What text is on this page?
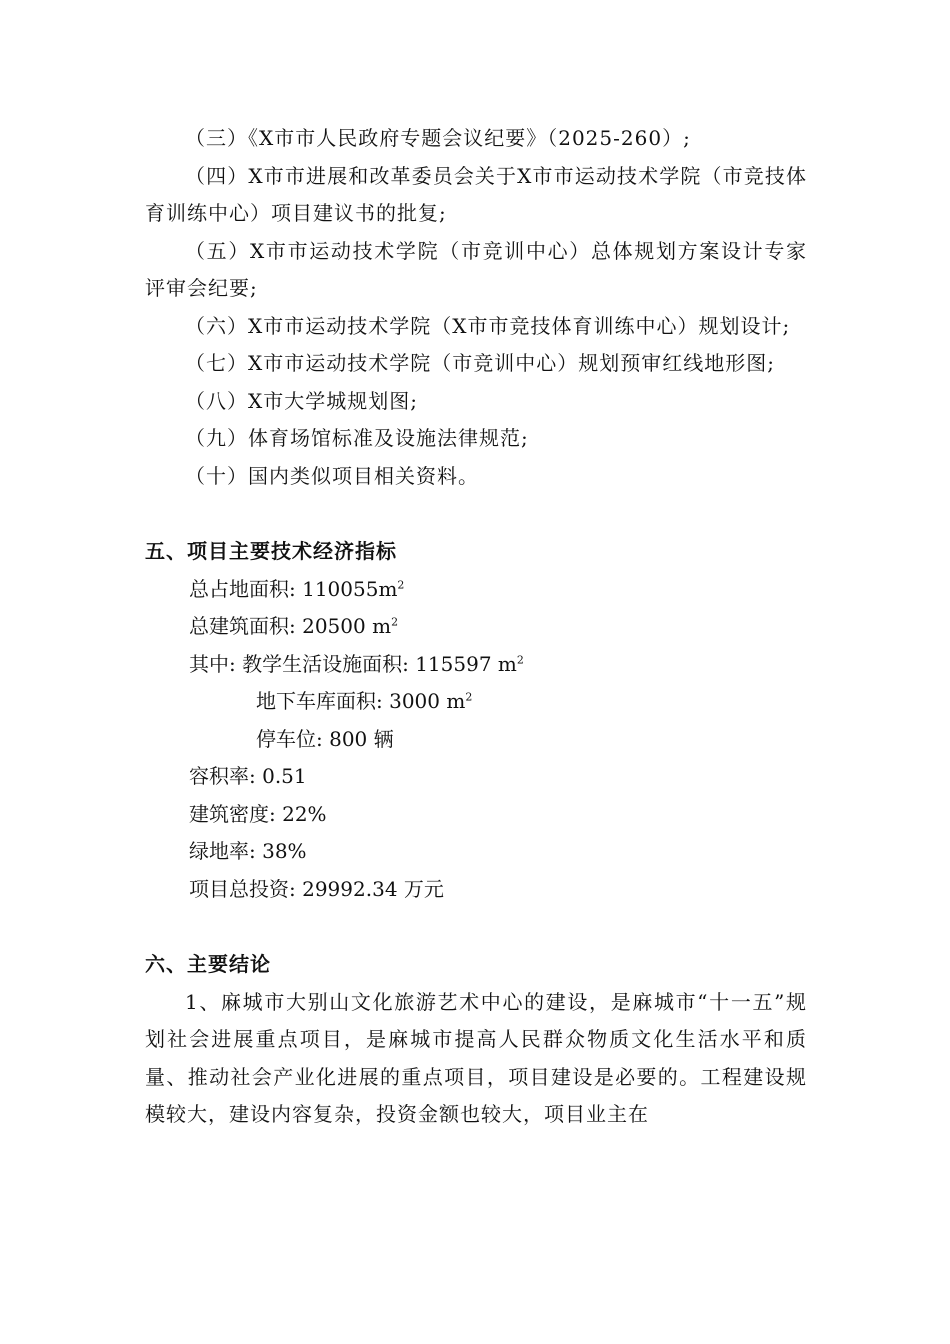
（三）《X市市人民政府专题会议纪要》（2025-260）;

（四）X市市进展和改革委员会关于X市市运动技术学院（市竞技体育训练中心）项目建议书的批复;

（五）X市市运动技术学院（市竞训中心）总体规划方案设计专家评审会纪要;

（六）X市市运动技术学院（X市市竞技体育训练中心）规划设计;

（七）X市市运动技术学院（市竞训中心）规划预审红线地形图;

（八）X市大学城规划图;

（九）体育场馆标准及设施法律规范;

（十）国内类似项目相关资料。

五、项目主要技术经济指标

总占地面积: $110055m^2$

总建筑面积: 20500 $m^2$

其中: 教学生活设施面积: 115597 $m^2$

地下车库面积: 3000 $m^2$

停车位: 800 辆

容积率: 0.51

建筑密度: 22%

绿地率: 38%

项目总投资: 29992.34 万元

六、主要结论

1、麻城市大别山文化旅游艺术中心的建设，是麻城市“十一五”规划社会进展重点项目，是麻城市提高人民群众物质文化生活水平和质量、推动社会产业化进展的重点项目，项目建设是必要的。工程建设规模较大，建设内容复杂，投资金额也较大，项目业主在
